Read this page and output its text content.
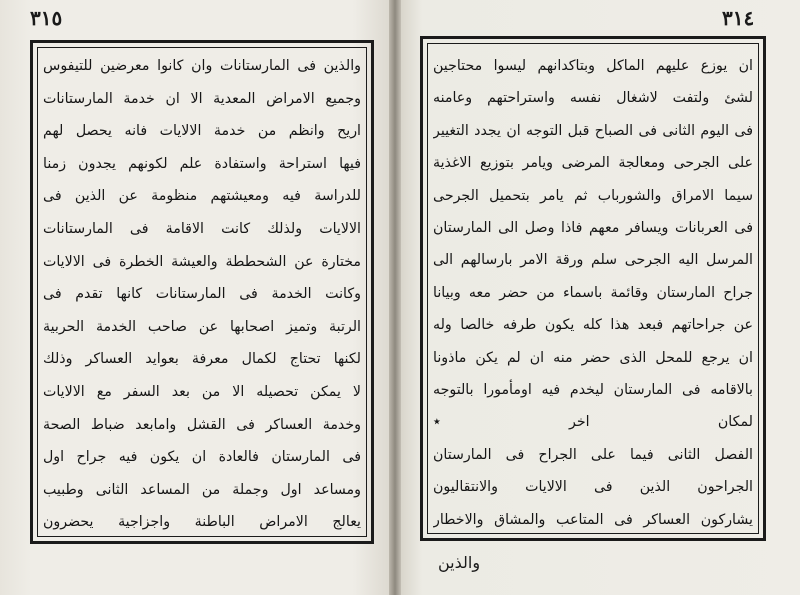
٣١٥	٣١٤
والذين فى المارستانات وان كانوا معرضين للتيفوس
وجميع الامراض المعدية الا ان خدمة المارستانات
اريح وانظم من خدمة الالايات فانه يحصل لهم
فيها استراحة واستفادة علم لكونهم يجدون زمنا
للدراسة فيه ومعيشتهم منظومة عن الذين فى
الالايات ولذلك كانت الاقامة فى المارستانات
مختارة عن الشحططة والعيشة الخطرة فى الالايات
وكانت الخدمة فى المارستانات كانها تقدم فى
الرتبة وتميز اصحابها عن صاحب الخدمة الحربية
لكنها تحتاج لكمال معرفة بعوايد العساكر وذلك
لا يمكن تحصيله الا من بعد السفر مع الالايات
وخدمة العساكر فى القشل وامابعد ضباط الصحة
فى المارستان فالعادة ان يكون فيه جراح اول
ومساعد اول وجملة من المساعد الثانى وطبيب
يعالج الامراض الباطنة واجزاجية يحضرون
ان يوزع عليهم الماكل وبتاكدانهم ليسوا محتاجين
لشئ ولتفت لاشغال نفسه واستراحتهم وعامنه
فى اليوم الثانى فى الصباح قبل التوجه ان يجدد التغيير
على الجرحى ومعالجة المرضى ويامر بتوزيع الاغذية
سيما الامراق والشورباب ثم يامر بتحميل الجرحى
فى العربانات ويسافر معهم فاذا وصل الى المارستان
المرسل اليه الجرحى سلم ورقة الامر بارسالهم الى
جراح المارستان وقائمة باسماء من حضر معه وبيانا
عن جراحاتهم فبعد هذا كله يكون طرفه خالصا وله
ان يرجع للمحل الذى حضر منه ان لم يكن ماذونا
بالاقامه فى المارستان ليخدم فيه اومأمورا بالتوجه
لمكان اخر ٭
الفصل الثانى فيما على الجراح فى المارستان
الجراحون الذين فى الالايات والانتقاليون
يشاركون العساكر فى المتاعب والمشاق والاخطار
والذين
